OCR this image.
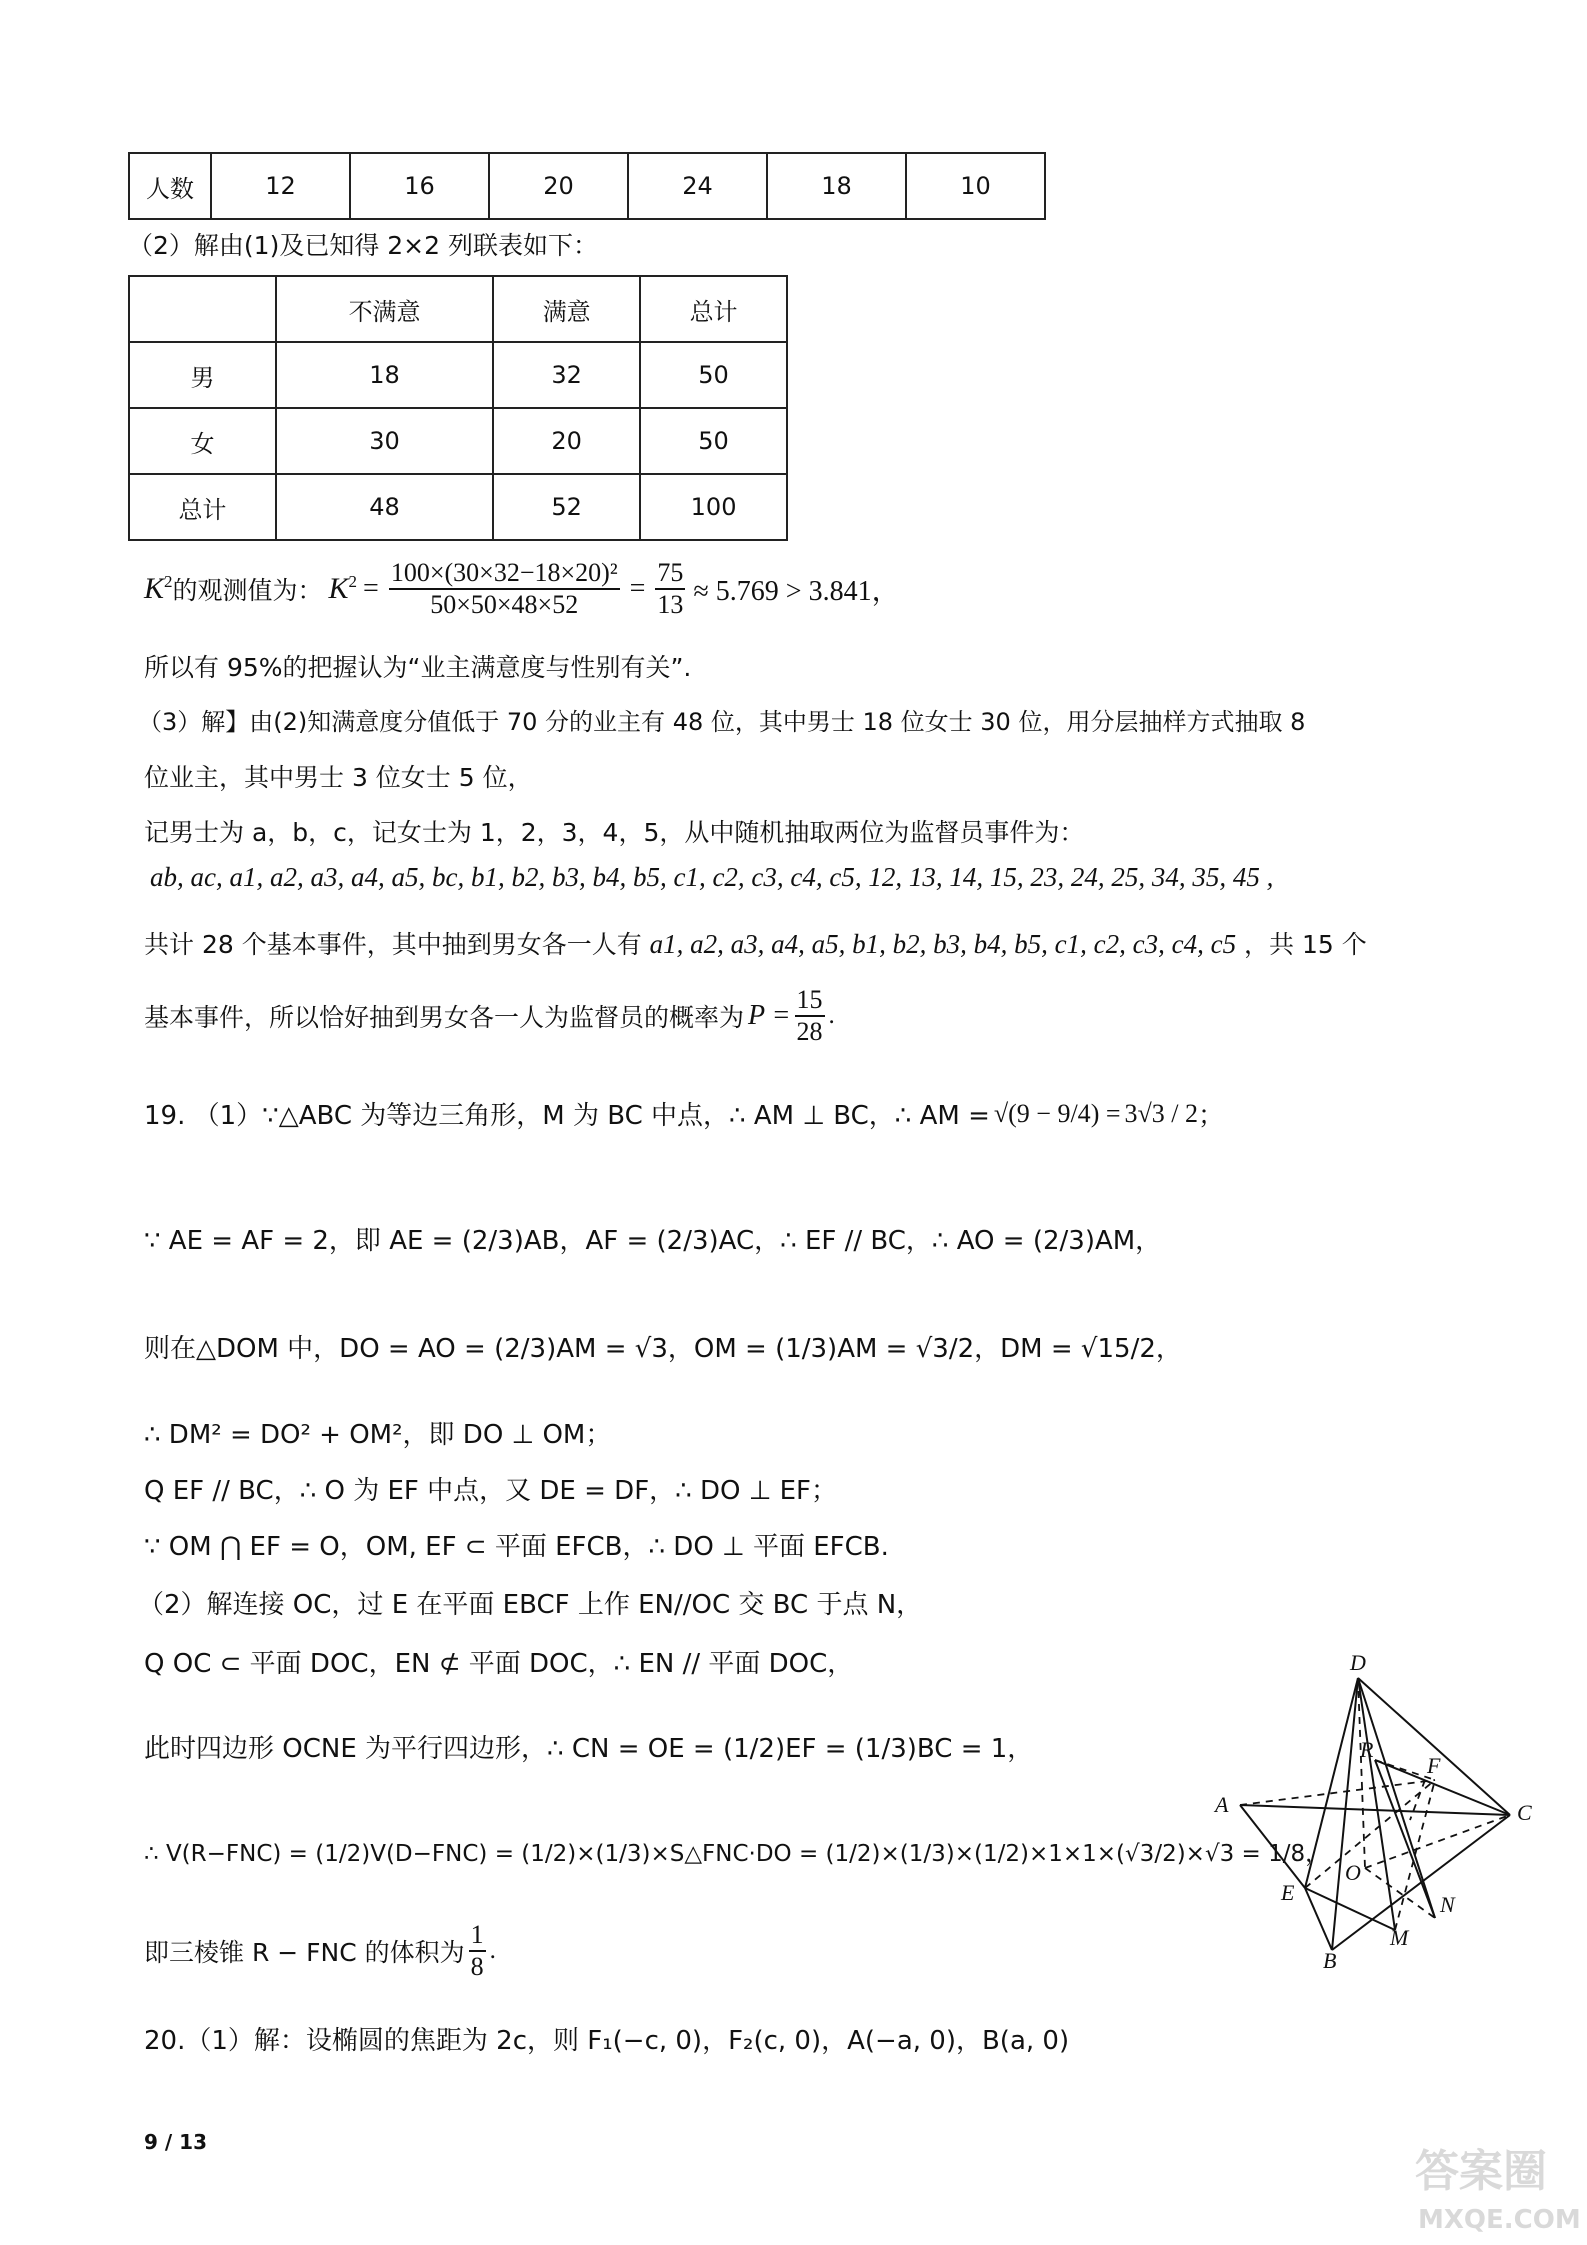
人数	12	16	20	24	18	10
（2）解由(1)及已知得 2×2 列联表如下：
	不满意	满意	总计
男	18	32	50
女	30	20	50
总计	48	52	100
$K^2$ 的观测值为： $K^2 = \frac{\text{100×(30×32−18×20)²}}{50\times 50\times 48\times 52} = \frac{75}{13} \approx 5.769 > 3.841$，
所以有 95%的把握认为“业主满意度与性别有关”.
（3）解】由(2)知满意度分值低于 70 分的业主有 48 位，其中男士 18 位女士 30 位，用分层抽样方式抽取 8
位业主，其中男士 3 位女士 5 位，
记男士为 a，b，c，记女士为 1，2，3，4，5，从中随机抽取两位为监督员事件为：
ab, ac, a1, a2, a3, a4, a5, bc, b1, b2, b3, b4, b5, c1, c2, c3, c4, c5, 12, 13, 14, 15, 23, 24, 25, 34, 35, 45 ,
共计 28 个基本事件，其中抽到男女各一人有 a1, a2, a3, a4, a5, b1, b2, b3, b4, b5, c1, c2, c3, c4, c5 ，共 15 个
基本事件，所以恰好抽到男女各一人为监督员的概率为 $P = \frac{15}{28}$ .
19. （1）∵△ABC 为等边三角形，M 为 BC 中点，∴ AM ⊥ BC，∴ AM = √(9 − 9/4) = 3√3 / 2 ；
∵ AE = AF = 2，即 AE = (2/3)AB，AF = (2/3)AC，∴ EF // BC，∴ AO = (2/3)AM，
则在△DOM 中，DO = AO = (2/3)AM = √3，OM = (1/3)AM = √3/2，DM = √15/2，
∴ DM² = DO² + OM²，即 DO ⊥ OM；
Q EF // BC，∴ O 为 EF 中点，又 DE = DF，∴ DO ⊥ EF；
∵ OM ⋂ EF = O，OM, EF ⊂ 平面 EFCB，∴ DO ⊥ 平面 EFCB.
（2）解连接 OC，过 E 在平面 EBCF 上作 EN//OC 交 BC 于点 N，
Q OC ⊂ 平面 DOC，EN ⊄ 平面 DOC，∴ EN // 平面 DOC，
此时四边形 OCNE 为平行四边形，∴ CN = OE = (1/2)EF = (1/3)BC = 1，
∴ V(R−FNC) = (1/2)V(D−FNC) = (1/2)×(1/3)×S△FNC·DO = (1/2)×(1/3)×(1/2)×1×1×(√3/2)×√3 = 1/8，
即三棱锥 R − FNC 的体积为 $\frac{1}{8}$ .
20.（1）解：设椭圆的焦距为 2c，则 F₁(−c, 0)，F₂(c, 0)，A(−a, 0)，B(a, 0)
D
A
R
F
C
O
N
M
E
B
9 / 13
答案圈
MXQE.COM
